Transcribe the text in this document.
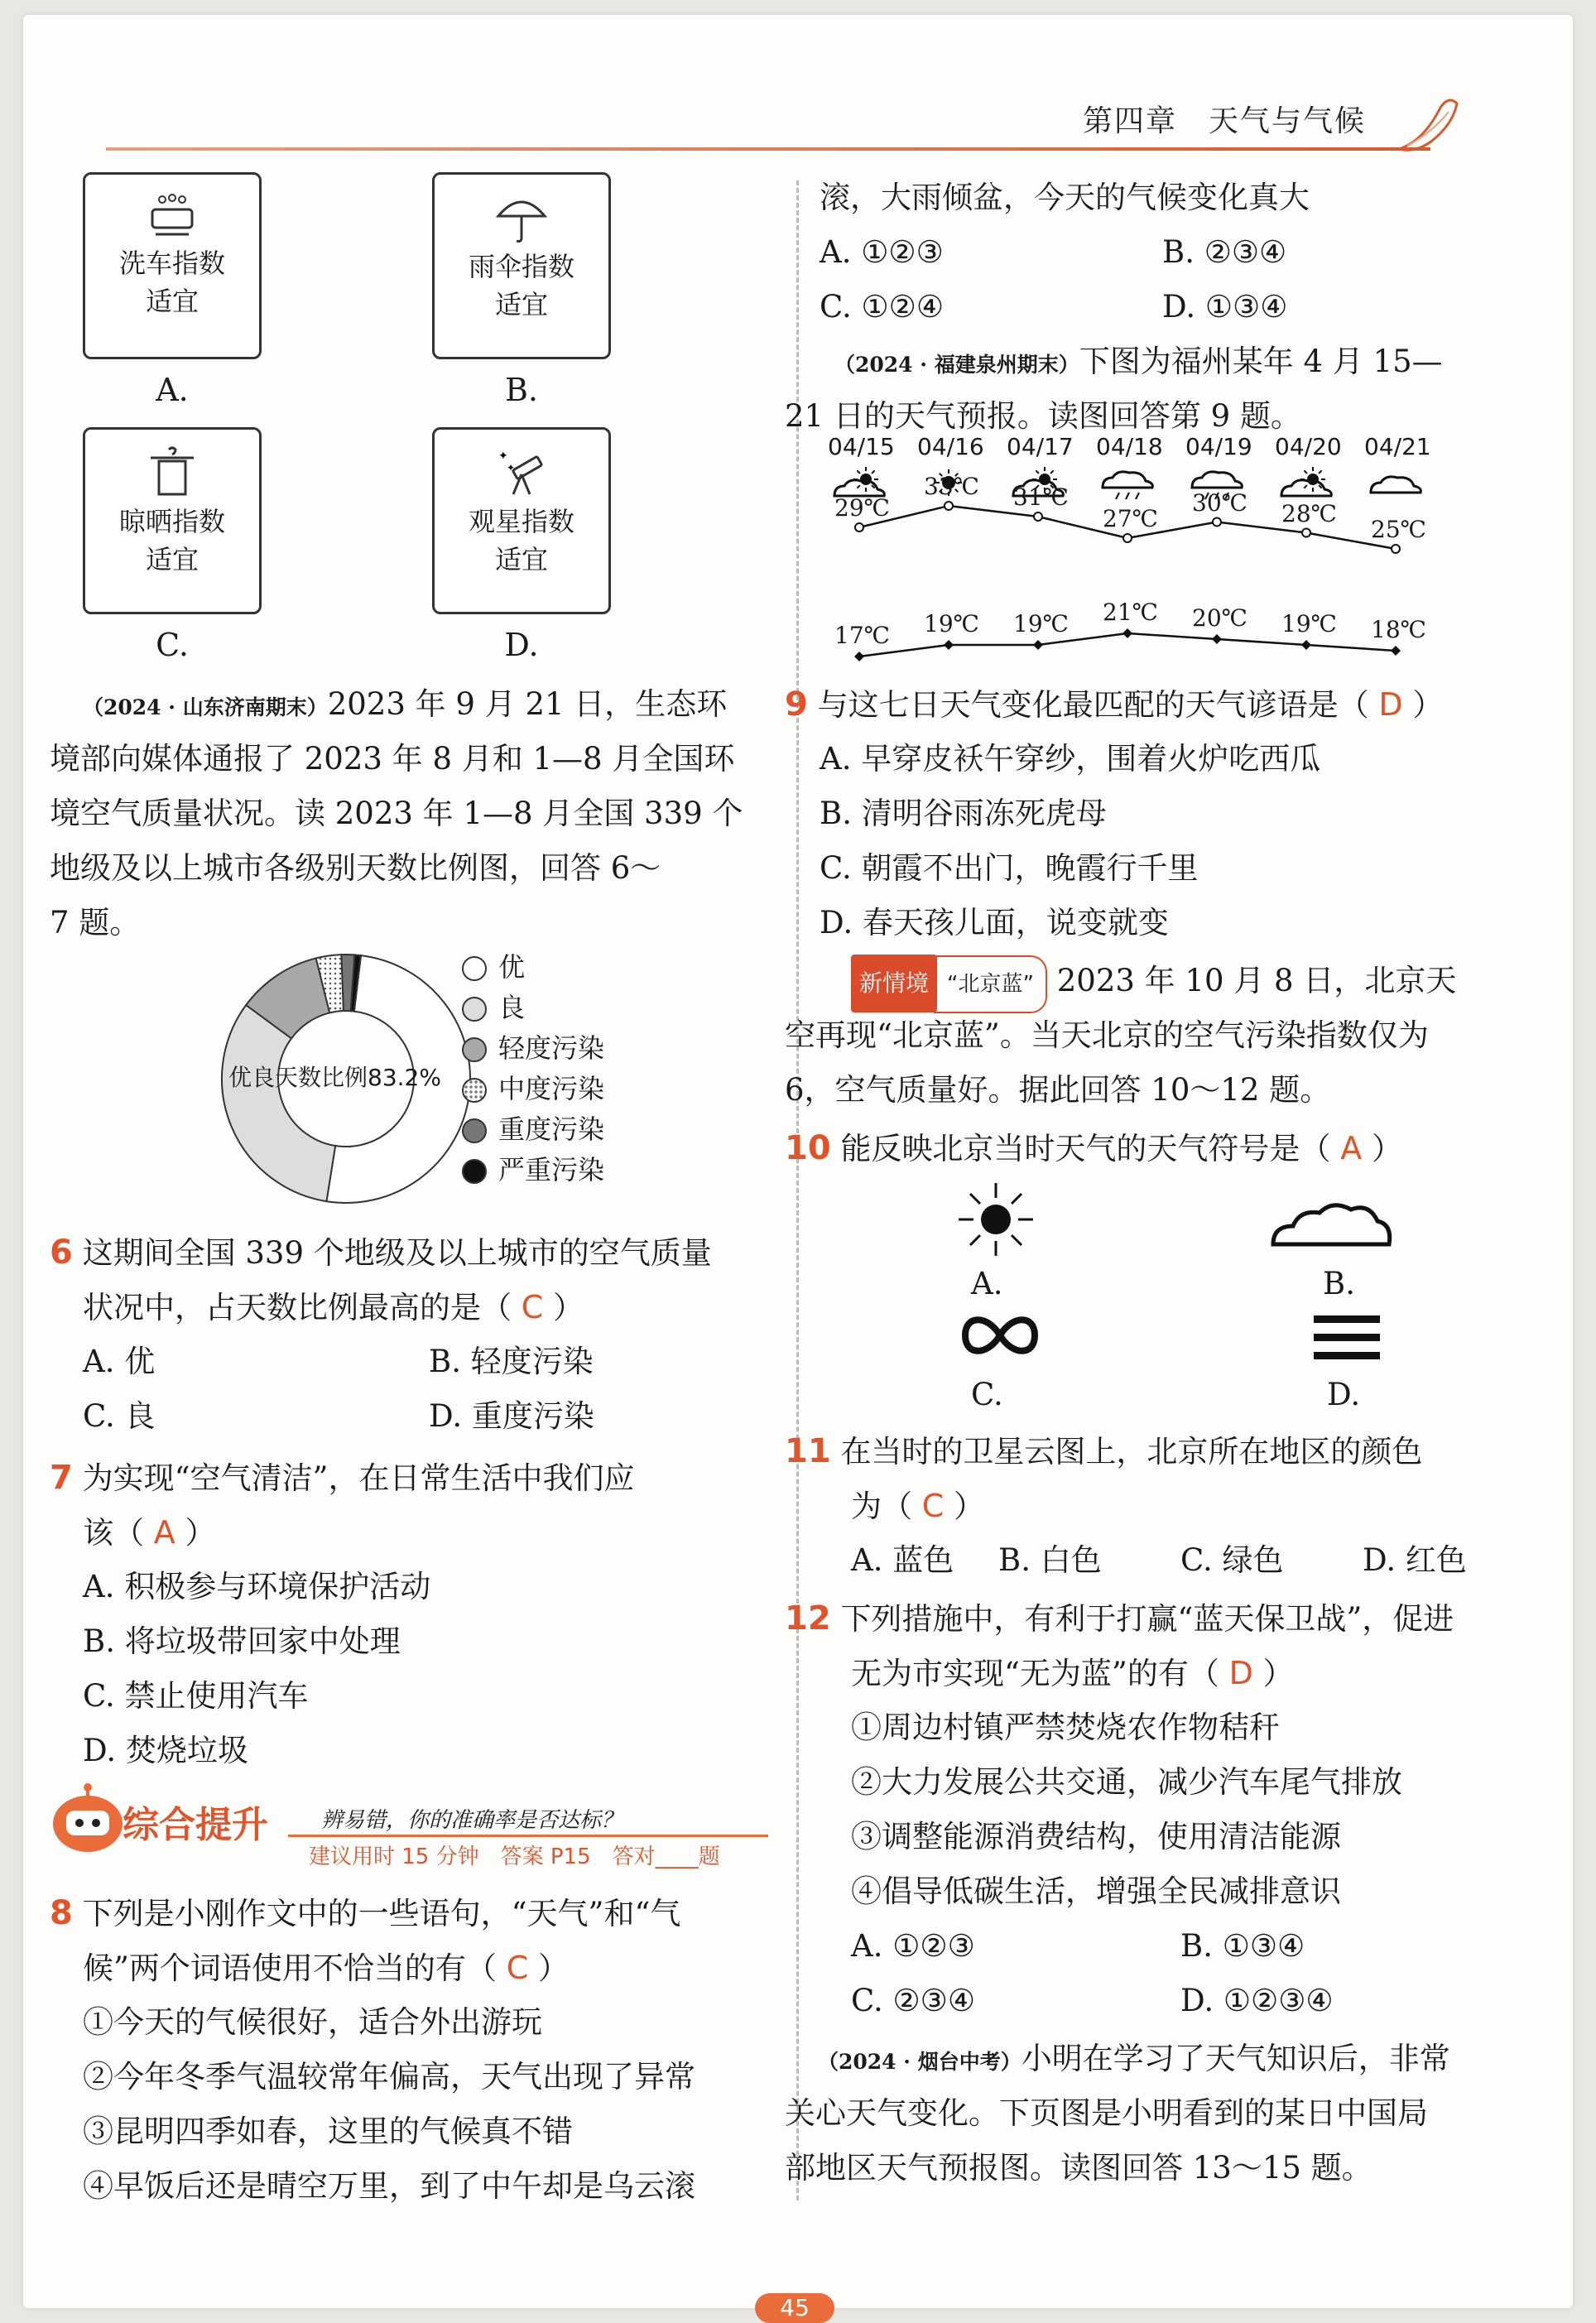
第四章　天气与气候
洗车指数
适宜
A.
雨伞指数
适宜
B.
晾晒指数
适宜
C.
✦
✦
观星指数
适宜
D.
（2024 · 山东济南期末）2023 年 9 月 21 日，生态环
境部向媒体通报了 2023 年 8 月和 1—8 月全国环
境空气质量状况。读 2023 年 1—8 月全国 339 个
地级及以上城市各级别天数比例图，回答 6～
7 题。
优良天数比例83.2%
优
良
轻度污染
中度污染
重度污染
严重污染
6 这期间全国 339 个地级及以上城市的空气质量
状况中，占天数比例最高的是（ C ）
A. 优	B. 轻度污染
C. 良	D. 重度污染
7 为实现“空气清洁”，在日常生活中我们应
该（ A ）
A. 积极参与环境保护活动
B. 将垃圾带回家中处理
C. 禁止使用汽车
D. 焚烧垃圾
综合提升 辨易错，你的准确率是否达标？
建议用时 15 分钟　答案 P15　答对____题
8 下列是小刚作文中的一些语句，“天气”和“气
候”两个词语使用不恰当的有（ C ）
①今天的气候很好，适合外出游玩
②今年冬季气温较常年偏高，天气出现了异常
③昆明四季如春，这里的气候真不错
④早饭后还是晴空万里，到了中午却是乌云滚
滚，大雨倾盆，今天的气候变化真大
A. ①②③	B. ②③④
C. ①②④	D. ①③④
（2024 · 福建泉州期末）下图为福州某年 4 月 15—
21 日的天气预报。读图回答第 9 题。
04/15 04/16 04/17 04/18 04/19 04/20 04/21
29℃
33℃ 31℃
27℃
30℃ 28℃
25℃
17℃ 19℃ 19℃ 21℃ 20℃ 19℃ 18℃
9 与这七日天气变化最匹配的天气谚语是（ D ）
A. 早穿皮袄午穿纱，围着火炉吃西瓜
B. 清明谷雨冻死虎母
C. 朝霞不出门，晚霞行千里
D. 春天孩儿面，说变就变
新情境 “北京蓝” 2023 年 10 月 8 日，北京天
空再现“北京蓝”。当天北京的空气污染指数仅为
6，空气质量好。据此回答 10～12 题。
10 能反映北京当时天气的天气符号是（ A ）
A.	B.
C.	D.
11 在当时的卫星云图上，北京所在地区的颜色
为（ C ）
A. 蓝色 B. 白色	C. 绿色	D. 红色
12 下列措施中，有利于打赢“蓝天保卫战”，促进
无为市实现“无为蓝”的有（ D ）
①周边村镇严禁焚烧农作物秸秆
②大力发展公共交通，减少汽车尾气排放
③调整能源消费结构，使用清洁能源
④倡导低碳生活，增强全民减排意识
A. ①②③	B. ①③④
C. ②③④	D. ①②③④
（2024 · 烟台中考）小明在学习了天气知识后，非常
关心天气变化。下页图是小明看到的某日中国局
部地区天气预报图。读图回答 13～15 题。
45
